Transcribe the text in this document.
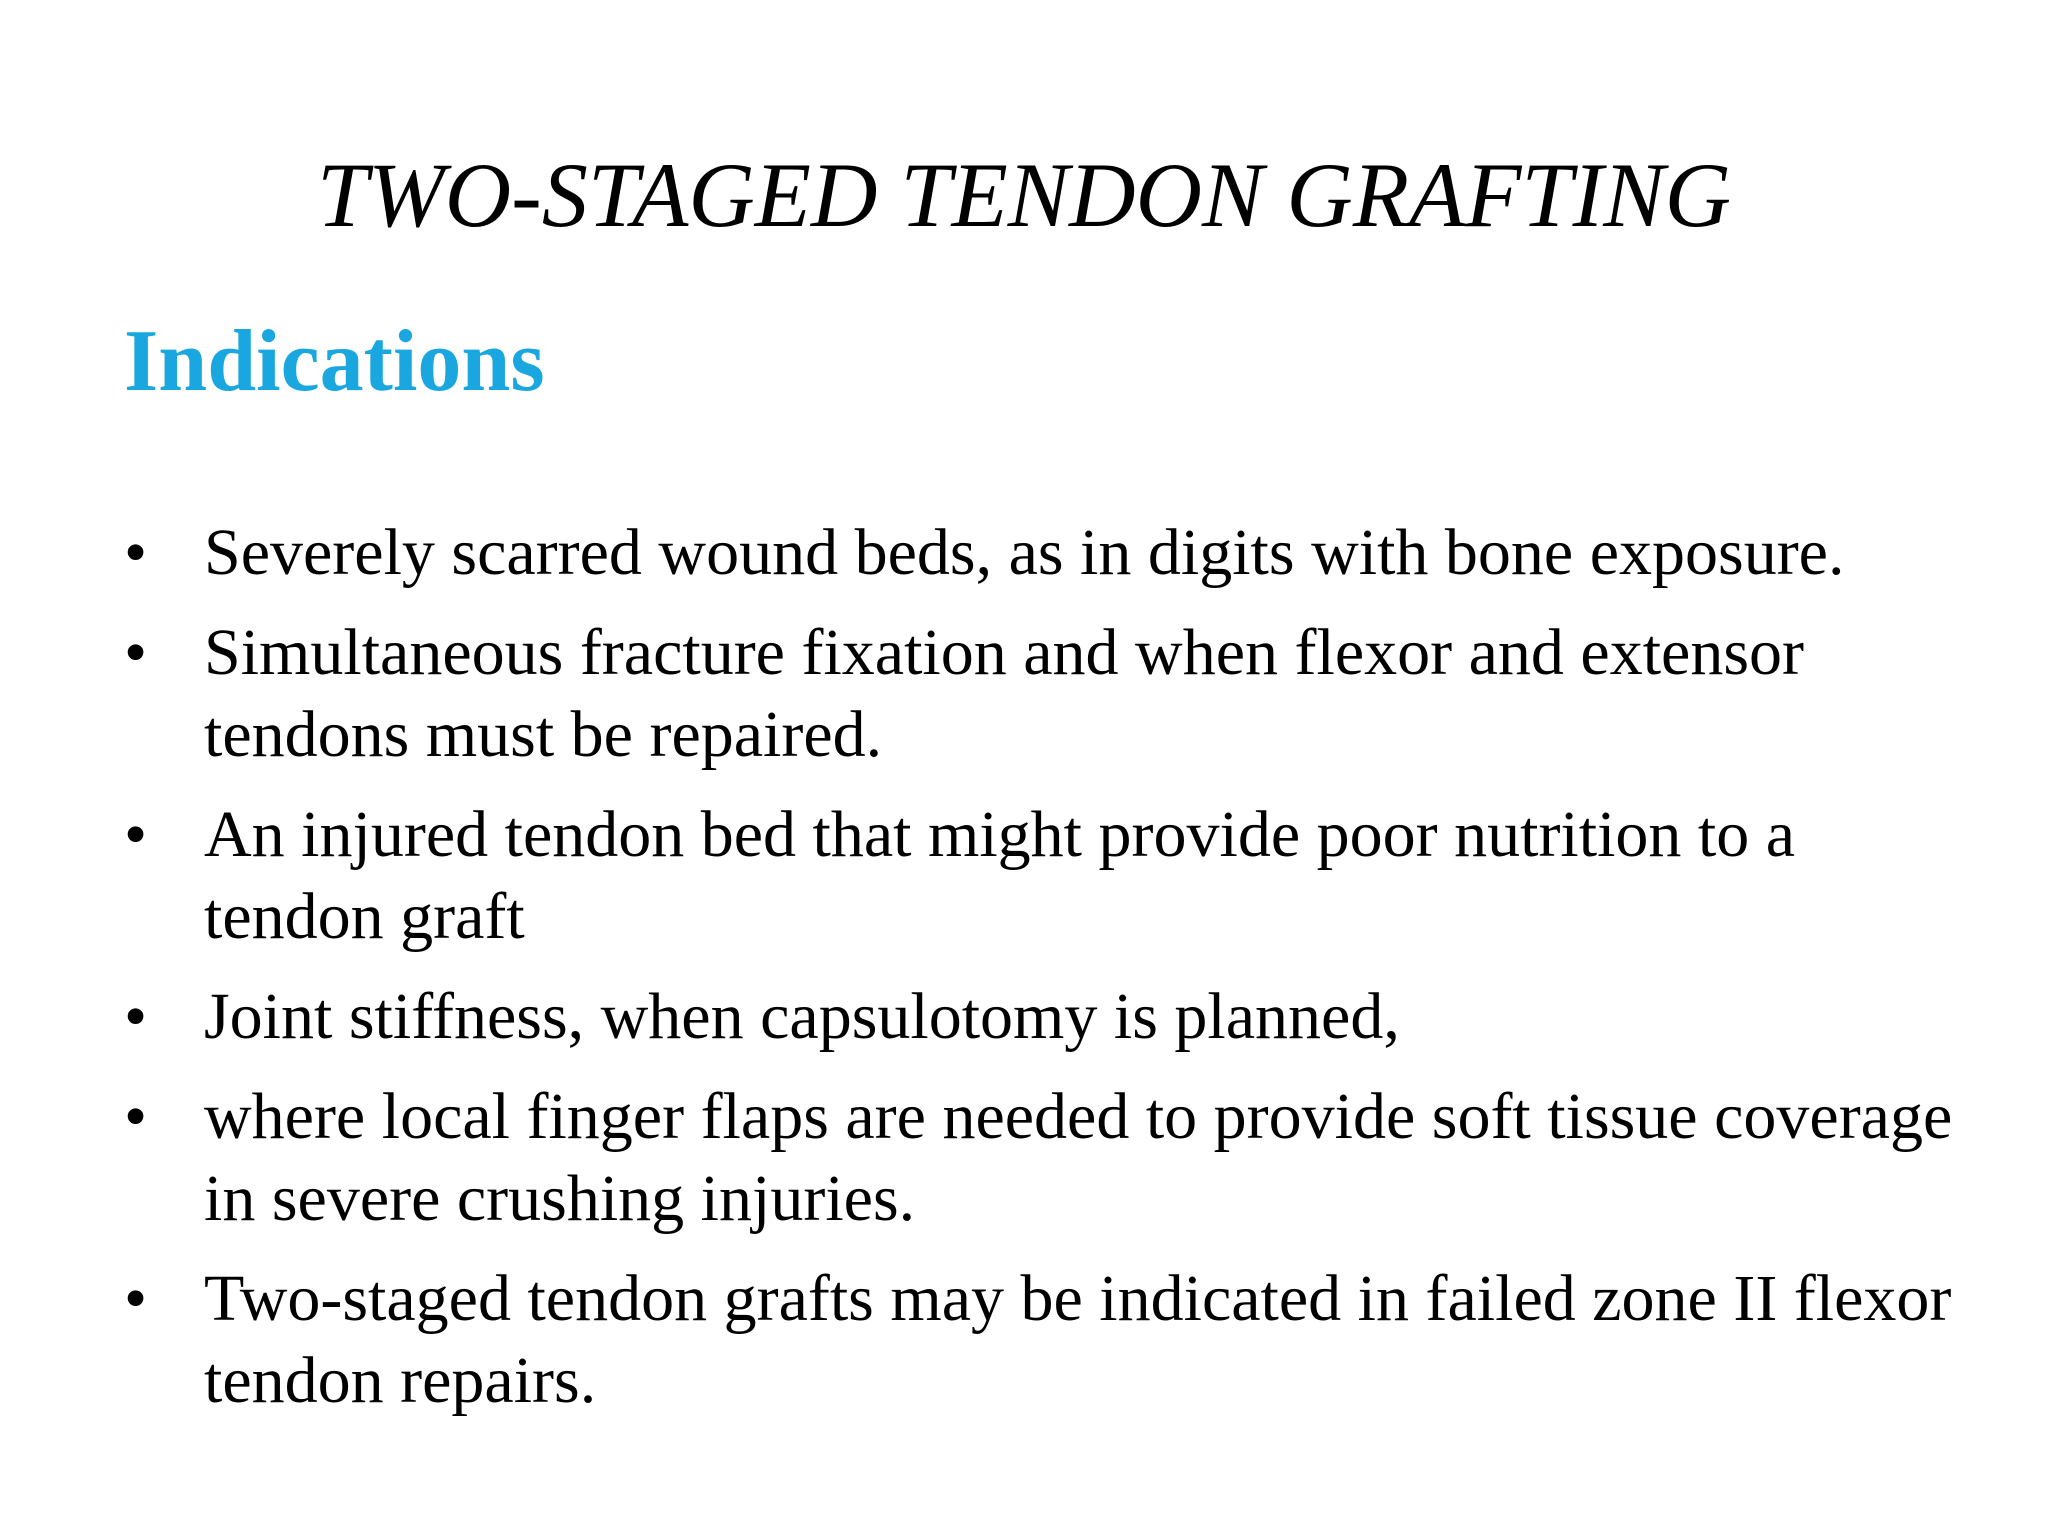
TWO-STAGED TENDON GRAFTING
Indications
• Severely scarred wound beds, as in digits with bone exposure.
• Simultaneous fracture fixation and when flexor and extensor tendons must be repaired.
• An injured tendon bed that might provide poor nutrition to a tendon graft
• Joint stiffness, when capsulotomy is planned,
• where local finger flaps are needed to provide soft tissue coverage in severe crushing injuries.
• Two-staged tendon grafts may be indicated in failed zone II flexor tendon repairs.
